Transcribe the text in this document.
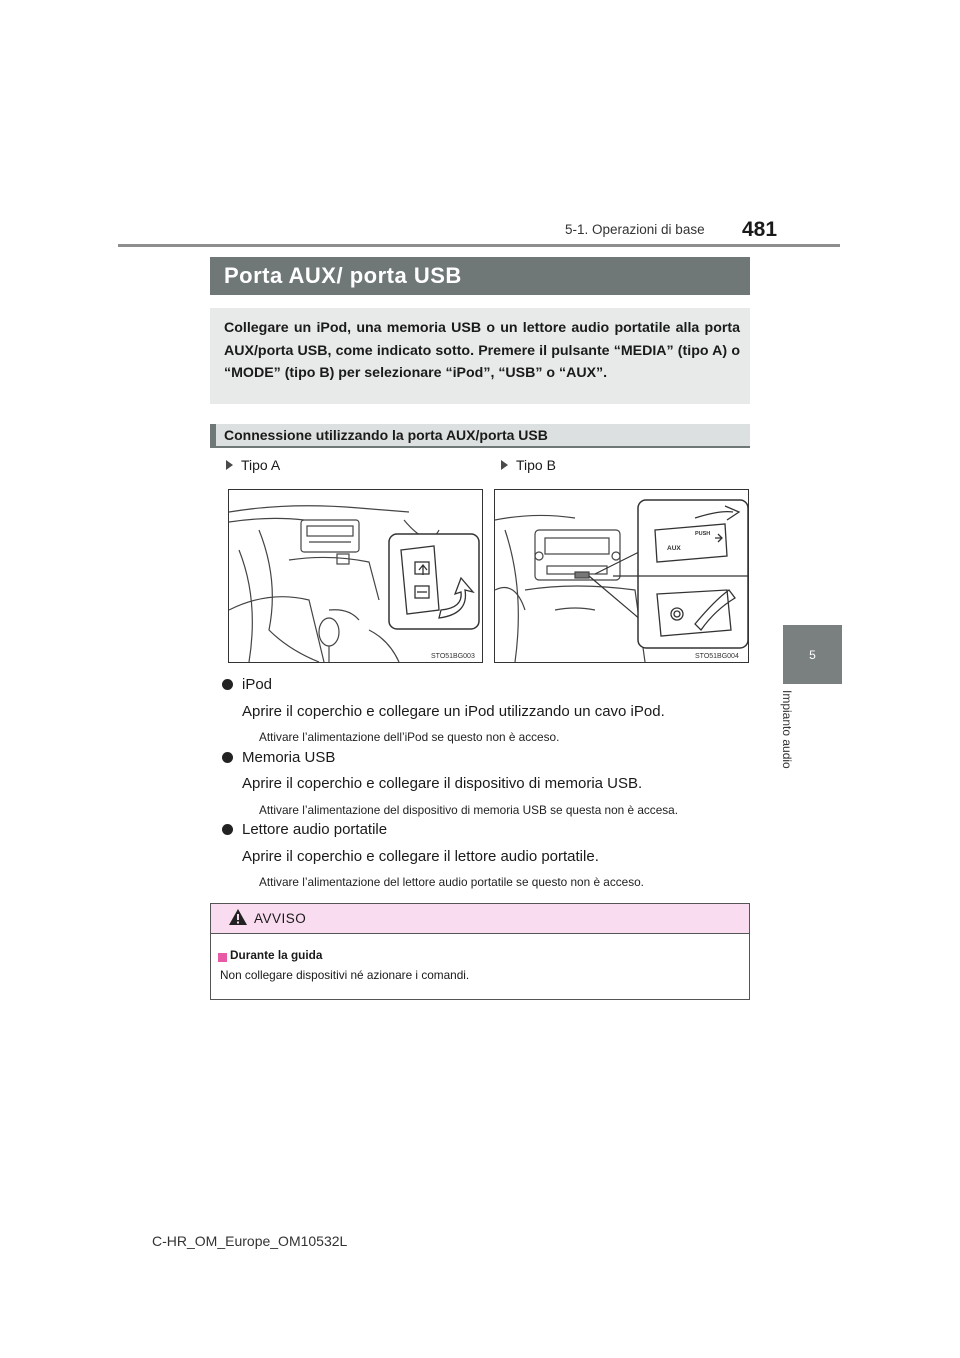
5-1. Operazioni di base 481
5
Impianto audio
Porta AUX/ porta USB
Collegare un iPod, una memoria USB o un lettore audio portatile alla porta AUX/porta USB, come indicato sotto. Premere il pulsante “MEDIA” (tipo A) o “MODE” (tipo B) per selezionare “iPod”, “USB” o “AUX”.
Connessione utilizzando la porta AUX/porta USB
Tipo A	Tipo B
STO51BG003
PUSH
AUX
STO51BG004
iPod
Aprire il coperchio e collegare un iPod utilizzando un cavo iPod.
Attivare l’alimentazione dell’iPod se questo non è acceso.
Memoria USB
Aprire il coperchio e collegare il dispositivo di memoria USB.
Attivare l’alimentazione del dispositivo di memoria USB se questa non è accesa.
Lettore audio portatile
Aprire il coperchio e collegare il lettore audio portatile.
Attivare l’alimentazione del lettore audio portatile se questo non è acceso.
AVVISO
Durante la guida
Non collegare dispositivi né azionare i comandi.
C-HR_OM_Europe_OM10532L
